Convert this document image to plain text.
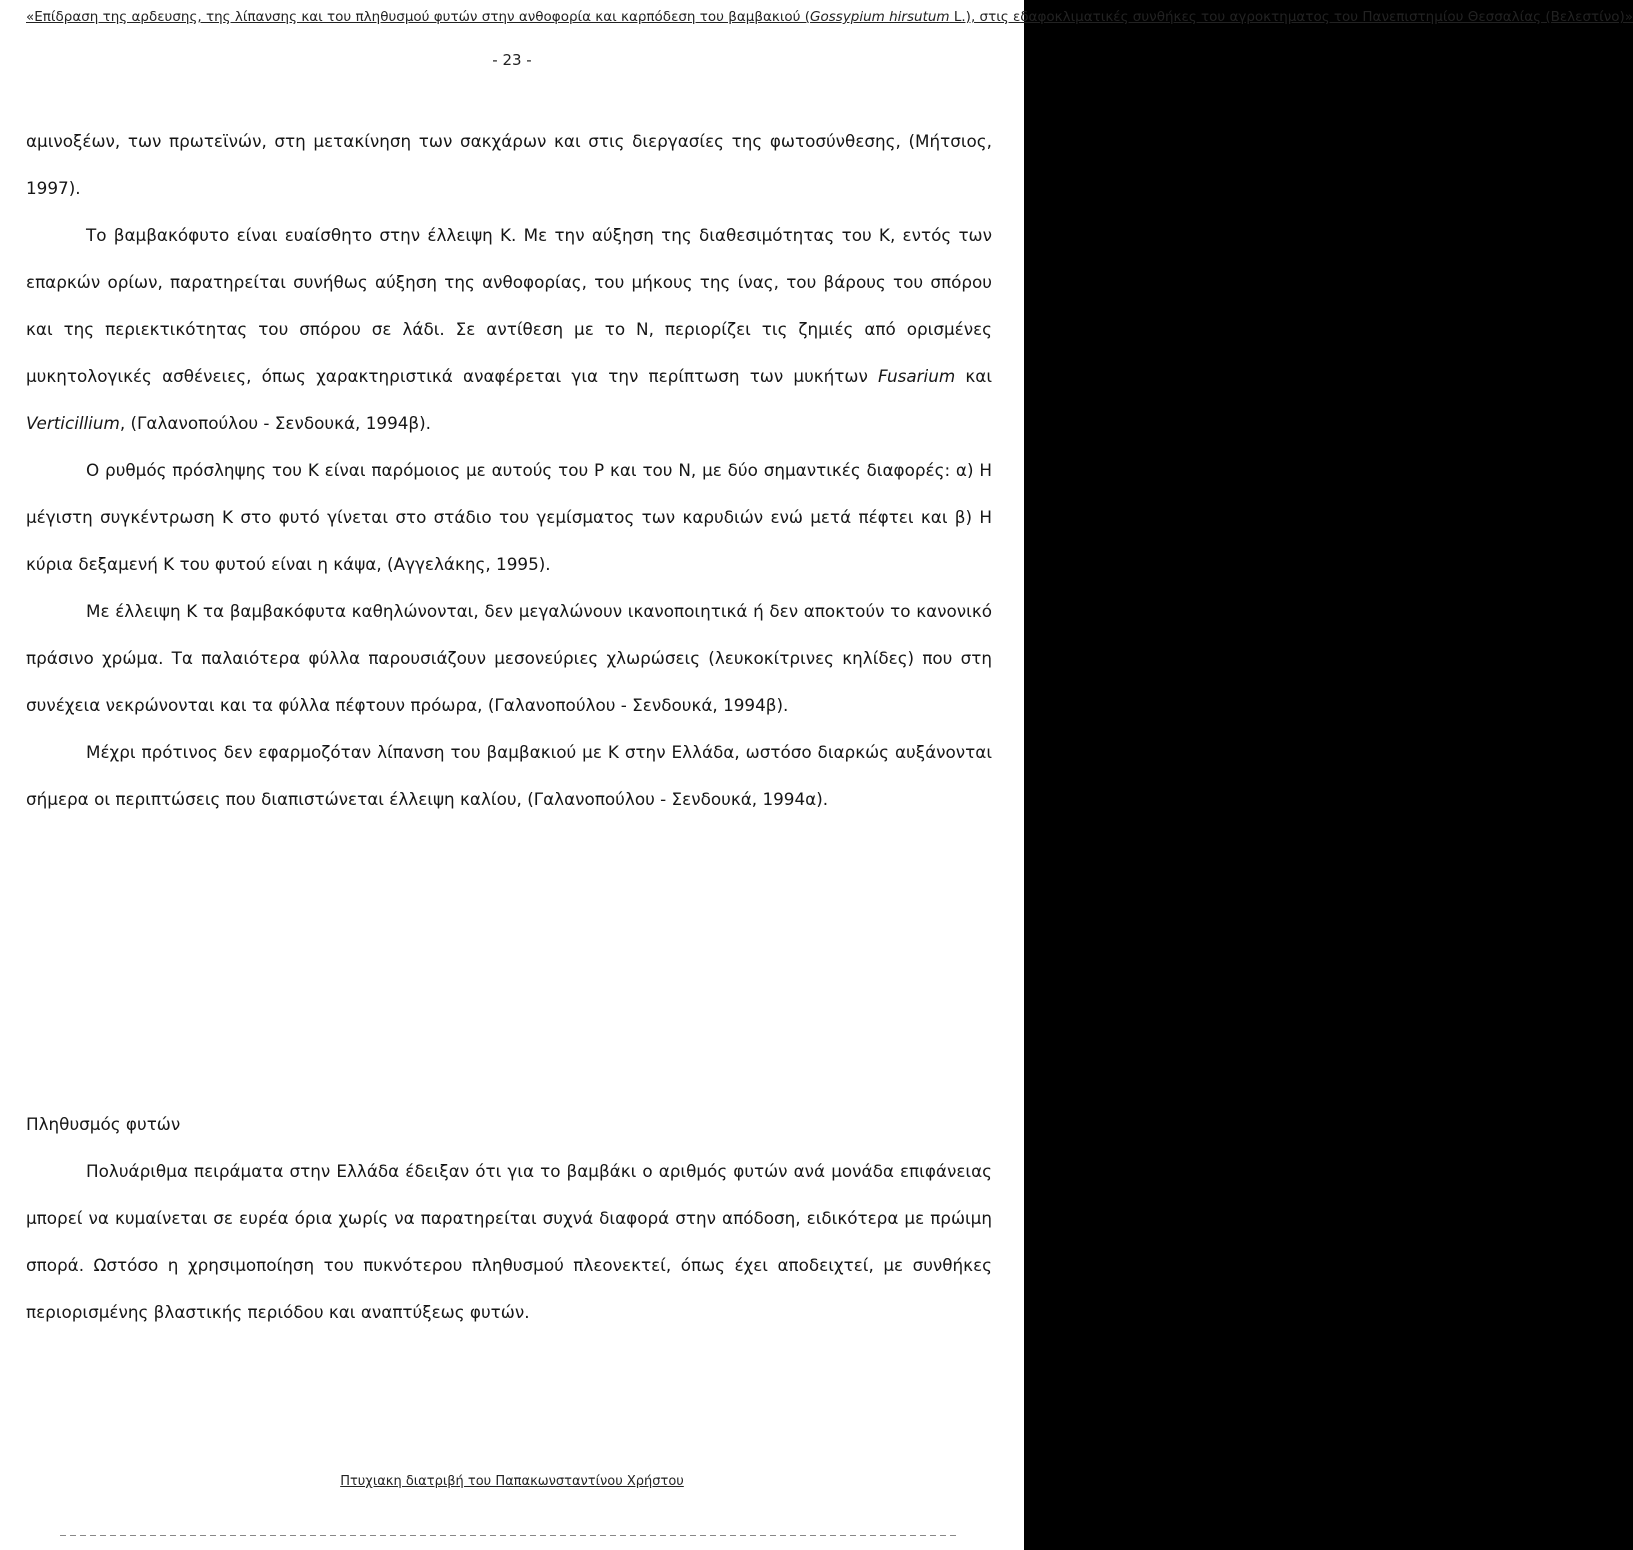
«Επίδραση της αρδευσης, της λίπανσης και του πληθυσμού φυτών στην ανθοφορία και καρπόδεση του βαμβακιού (Gossypium hirsutum L.), στις εδαφοκλιματικές συνθήκες του αγροκτηματος του Πανεπιστημίου Θεσσαλίας (Βελεστίνο)»
- 23 -

αμινοξέων, των πρωτεϊνών, στη μετακίνηση των σακχάρων και στις διεργασίες της φωτοσύνθεσης, (Μήτσιος, 1997).

Το βαμβακόφυτο είναι ευαίσθητο στην έλλειψη Κ. Με την αύξηση της διαθεσιμότητας του Κ, εντός των επαρκών ορίων, παρατηρείται συνήθως αύξηση της ανθοφορίας, του μήκους της ίνας, του βάρους του σπόρου και της περιεκτικότητας του σπόρου σε λάδι. Σε αντίθεση με το Ν, περιορίζει τις ζημιές από ορισμένες μυκητολογικές ασθένειες, όπως χαρακτηριστικά αναφέρεται για την περίπτωση των μυκήτων Fusarium και Verticillium, (Γαλανοπούλου - Σενδουκά, 1994β).

Ο ρυθμός πρόσληψης του Κ είναι παρόμοιος με αυτούς του Ρ και του Ν, με δύο σημαντικές διαφορές: α) Η μέγιστη συγκέντρωση Κ στο φυτό γίνεται στο στάδιο του γεμίσματος των καρυδιών ενώ μετά πέφτει και β) Η κύρια δεξαμενή Κ του φυτού είναι η κάψα, (Αγγελάκης, 1995).

Με έλλειψη Κ τα βαμβακόφυτα καθηλώνονται, δεν μεγαλώνουν ικανοποιητικά ή δεν αποκτούν το κανονικό πράσινο χρώμα. Τα παλαιότερα φύλλα παρουσιάζουν μεσονεύριες χλωρώσεις (λευκοκίτρινες κηλίδες) που στη συνέχεια νεκρώνονται και τα φύλλα πέφτουν πρόωρα, (Γαλανοπούλου - Σενδουκά, 1994β).

Μέχρι πρότινος δεν εφαρμοζόταν λίπανση του βαμβακιού με Κ στην Ελλάδα, ωστόσο διαρκώς αυξάνονται σήμερα οι περιπτώσεις που διαπιστώνεται έλλειψη καλίου, (Γαλανοπούλου - Σενδουκά, 1994α).

Πληθυσμός φυτών

Πολυάριθμα πειράματα στην Ελλάδα έδειξαν ότι για το βαμβάκι ο αριθμός φυτών ανά μονάδα επιφάνειας μπορεί να κυμαίνεται σε ευρέα όρια χωρίς να παρατηρείται συχνά διαφορά στην απόδοση, ειδικότερα με πρώιμη σπορά. Ωστόσο η χρησιμοποίηση του πυκνότερου πληθυσμού πλεονεκτεί, όπως έχει αποδειχτεί, με συνθήκες περιορισμένης βλαστικής περιόδου και αναπτύξεως φυτών.

Πτυχιακη διατριβή του Παπακωνσταντίνου Χρήστου
